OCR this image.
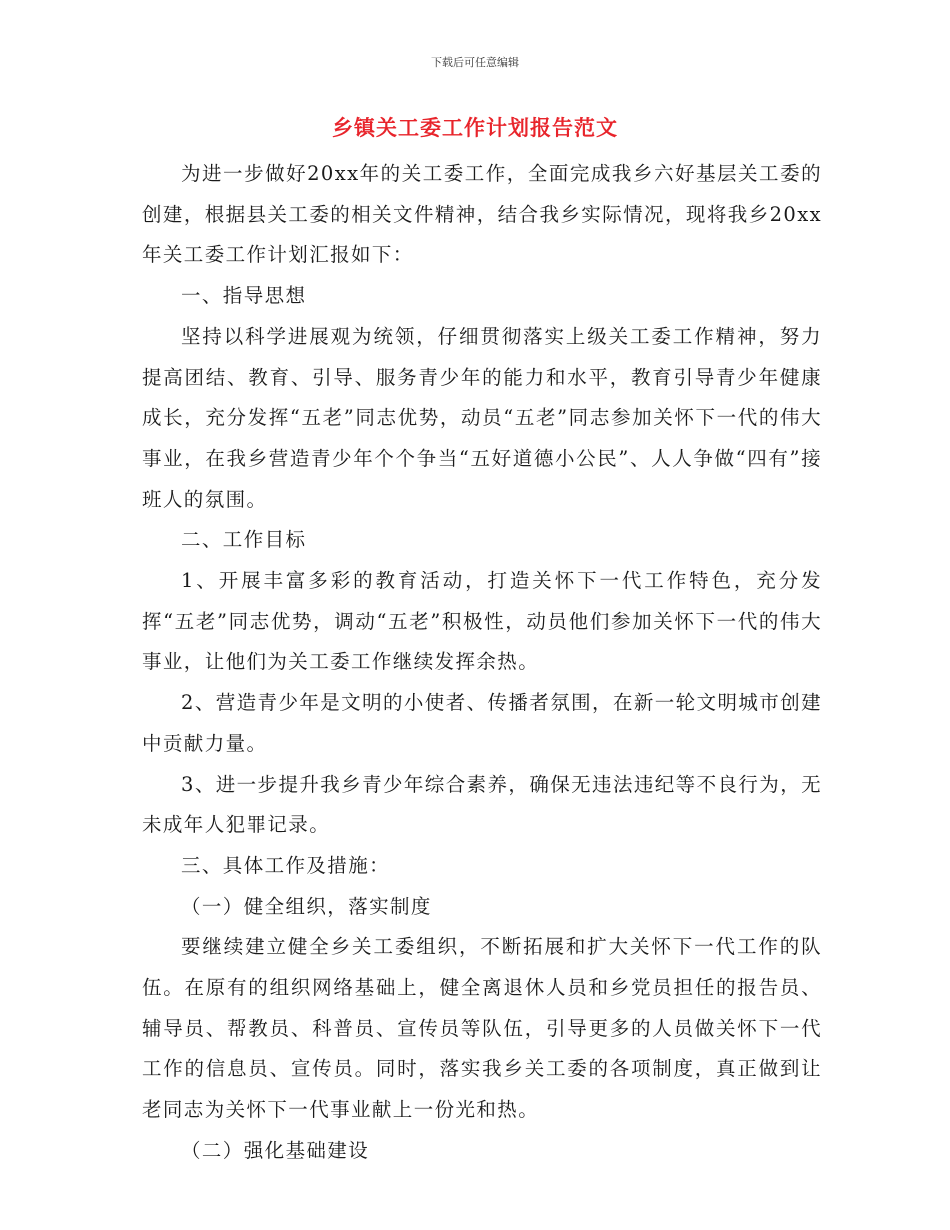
下载后可任意编辑
乡镇关工委工作计划报告范文

为进一步做好20xx年的关工委工作，全面完成我乡六好基层关工委的创建，根据县关工委的相关文件精神，结合我乡实际情况，现将我乡20xx年关工委工作计划汇报如下：

一、指导思想

坚持以科学进展观为统领，仔细贯彻落实上级关工委工作精神，努力提高团结、教育、引导、服务青少年的能力和水平，教育引导青少年健康成长，充分发挥“五老”同志优势，动员“五老”同志参加关怀下一代的伟大事业，在我乡营造青少年个个争当“五好道德小公民”、人人争做“四有”接班人的氛围。

二、工作目标

1、开展丰富多彩的教育活动，打造关怀下一代工作特色，充分发挥“五老”同志优势，调动“五老”积极性，动员他们参加关怀下一代的伟大事业，让他们为关工委工作继续发挥余热。

2、营造青少年是文明的小使者、传播者氛围，在新一轮文明城市创建中贡献力量。

3、进一步提升我乡青少年综合素养，确保无违法违纪等不良行为，无未成年人犯罪记录。

三、具体工作及措施：

（一）健全组织，落实制度

要继续建立健全乡关工委组织，不断拓展和扩大关怀下一代工作的队伍。在原有的组织网络基础上，健全离退休人员和乡党员担任的报告员、辅导员、帮教员、科普员、宣传员等队伍，引导更多的人员做关怀下一代工作的信息员、宣传员。同时，落实我乡关工委的各项制度，真正做到让老同志为关怀下一代事业献上一份光和热。

（二）强化基础建设
